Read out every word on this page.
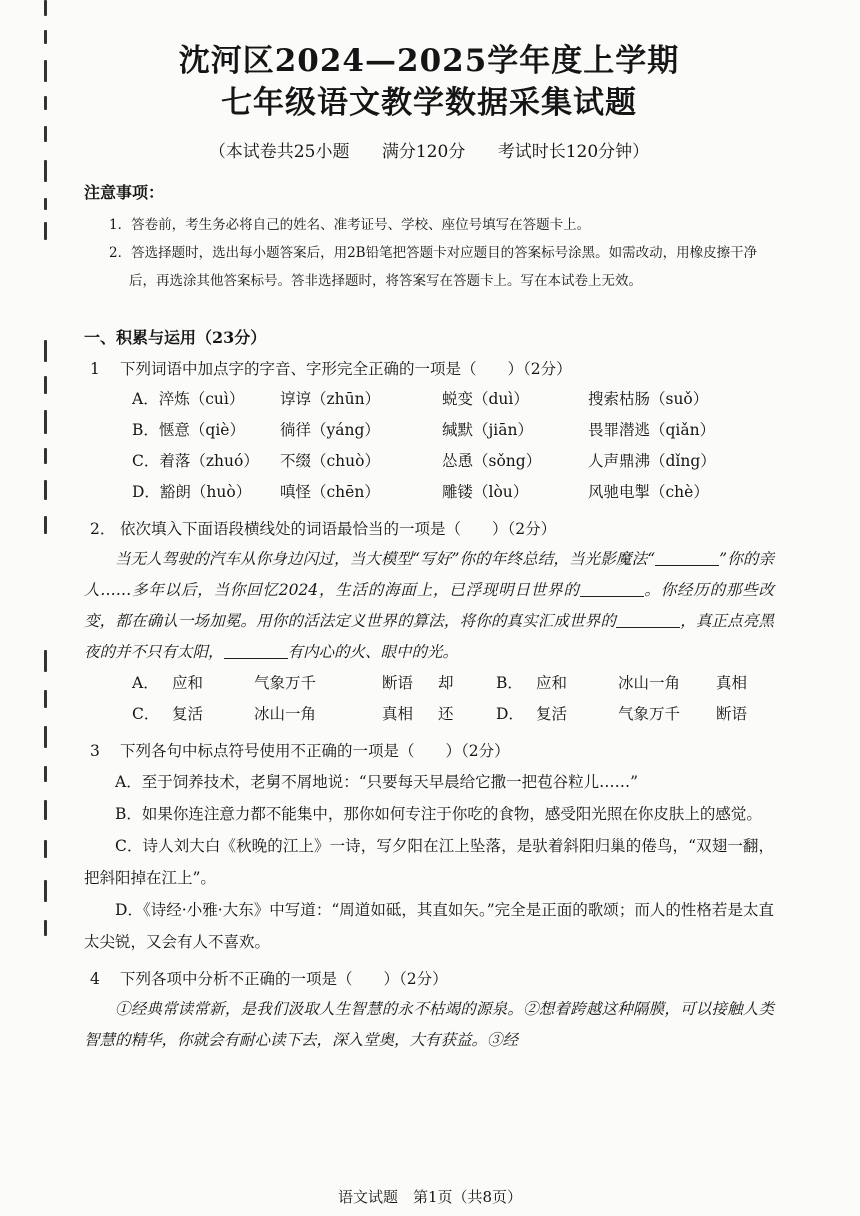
沈河区2024—2025学年度上学期
七年级语文教学数据采集试题
（本试卷共25小题      满分120分      考试时长120分钟）
注意事项：

1．答卷前，考生务必将自己的姓名、准考证号、学校、座位号填写在答题卡上。

2．答选择题时，选出每小题答案后，用2B铅笔把答题卡对应题目的答案标号涂黑。如需改动，用橡皮擦干净后，再选涂其他答案标号。答非选择题时，将答案写在答题卡上。写在本试卷上无效。

一、积累与运用（23分）
1	下列词语中加点字的字音、字形完全正确的一项是（　　）（2分）
A．淬炼（cuì）	谆谆（zhūn）	蜕变（duì）	搜索枯肠（suǒ）
B．惬意（qiè）	徜徉（yáng）	缄默（jiān）	畏罪潜逃（qiǎn）
C．着落（zhuó）	不缀（chuò）	怂恿（sǒng）	人声鼎沸（dǐng）
D．豁朗（huò）	嗔怪（chēn）	雕镂（lòu）	风驰电掣（chè）
2． 依次填入下面语段横线处的词语最恰当的一项是（　　）（2分）

当无人驾驶的汽车从你身边闪过，当大模型“写好”你的年终总结，当光影魔法“	”你的亲人……多年以后，当你回忆2024，生活的海面上，已浮现明日世界的	。你经历的那些改变，都在确认一场加冕。用你的活法定义世界的算法，将你的真实汇成世界的	，真正点亮黑夜的并不只有太阳，	有内心的火、眼中的光。

A． 应和	气象万千	断语	却	B． 应和	冰山一角	真相
C． 复活	冰山一角	真相	还	D． 复活	气象万千	断语
3	下列各句中标点符号使用不正确的一项是（　　）（2分）

A．至于饲养技术，老舅不屑地说：“只要每天早晨给它撒一把苞谷粒儿……”

B．如果你连注意力都不能集中，那你如何专注于你吃的食物，感受阳光照在你皮肤上的感觉。

C．诗人刘大白《秋晚的江上》一诗，写夕阳在江上坠落，是驮着斜阳归巢的倦鸟，“双翅一翻，把斜阳掉在江上”。

D．《诗经·小雅·大东》中写道：“周道如砥，其直如矢。”完全是正面的歌颂；而人的性格若是太直太尖锐，又会有人不喜欢。

4	下列各项中分析不正确的一项是（　　）（2分）

①经典常读常新，是我们汲取人生智慧的永不枯竭的源泉。②想着跨越这种隔膜，可以接触人类智慧的精华，你就会有耐心读下去，深入堂奥，大有获益。③经

语文试题　第1页（共8页）
